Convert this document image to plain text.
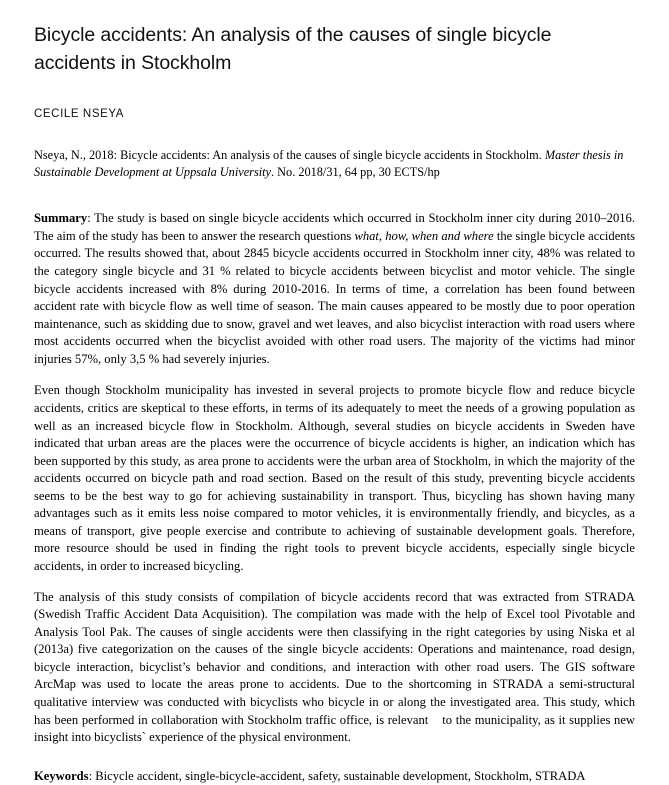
Bicycle accidents: An analysis of the causes of single bicycle accidents in Stockholm
CECILE NSEYA
Nseya, N., 2018: Bicycle accidents: An analysis of the causes of single bicycle accidents in Stockholm. Master thesis in Sustainable Development at Uppsala University. No. 2018/31, 64 pp, 30 ECTS/hp

Summary: The study is based on single bicycle accidents which occurred in Stockholm inner city during 2010–2016. The aim of the study has been to answer the research questions what, how, when and where the single bicycle accidents occurred. The results showed that, about 2845 bicycle accidents occurred in Stockholm inner city, 48% was related to the category single bicycle and 31 % related to bicycle accidents between bicyclist and motor vehicle. The single bicycle accidents increased with 8% during 2010-2016. In terms of time, a correlation has been found between accident rate with bicycle flow as well time of season. The main causes appeared to be mostly due to poor operation maintenance, such as skidding due to snow, gravel and wet leaves, and also bicyclist interaction with road users where most accidents occurred when the bicyclist avoided with other road users. The majority of the victims had minor injuries 57%, only 3,5 % had severely injuries.

Even though Stockholm municipality has invested in several projects to promote bicycle flow and reduce bicycle accidents, critics are skeptical to these efforts, in terms of its adequately to meet the needs of a growing population as well as an increased bicycle flow in Stockholm. Although, several studies on bicycle accidents in Sweden have indicated that urban areas are the places were the occurrence of bicycle accidents is higher, an indication which has been supported by this study, as area prone to accidents were the urban area of Stockholm, in which the majority of the accidents occurred on bicycle path and road section. Based on the result of this study, preventing bicycle accidents seems to be the best way to go for achieving sustainability in transport. Thus, bicycling has shown having many advantages such as it emits less noise compared to motor vehicles, it is environmentally friendly, and bicycles, as a means of transport, give people exercise and contribute to achieving of sustainable development goals. Therefore, more resource should be used in finding the right tools to prevent bicycle accidents, especially single bicycle accidents, in order to increased bicycling.

The analysis of this study consists of compilation of bicycle accidents record that was extracted from STRADA (Swedish Traffic Accident Data Acquisition). The compilation was made with the help of Excel tool Pivotable and Analysis Tool Pak. The causes of single accidents were then classifying in the right categories by using Niska et al (2013a) five categorization on the causes of the single bicycle accidents: Operations and maintenance, road design, bicycle interaction, bicyclist’s behavior and conditions, and interaction with other road users. The GIS software ArcMap was used to locate the areas prone to accidents. Due to the shortcoming in STRADA a semi-structural qualitative interview was conducted with bicyclists who bicycle in or along the investigated area. This study, which has been performed in collaboration with Stockholm traffic office, is relevant to the municipality, as it supplies new insight into bicyclists` experience of the physical environment.

Keywords: Bicycle accident, single-bicycle-accident, safety, sustainable development, Stockholm, STRADA
